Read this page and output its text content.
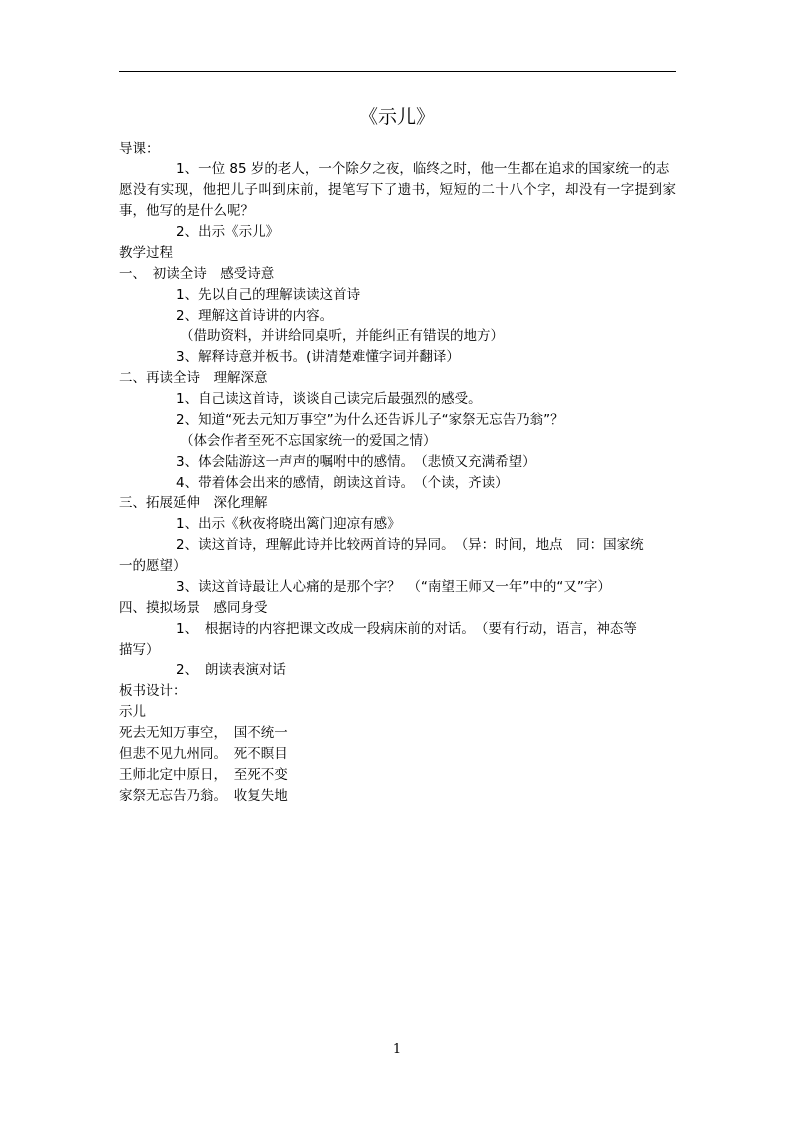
《示儿》
导课：
1、一位 85 岁的老人，一个除夕之夜，临终之时，他一生都在追求的国家统一的志
愿没有实现，他把儿子叫到床前，提笔写下了遗书，短短的二十八个字，却没有一字提到家
事，他写的是什么呢？
2、出示《示儿》
教学过程
一、　初读全诗　感受诗意
1、先以自己的理解读读这首诗
2、理解这首诗讲的内容。
（借助资料，并讲给同桌听，并能纠正有错误的地方）
3、解释诗意并板书。(讲清楚难懂字词并翻译）
二、再读全诗　理解深意
1、自己读这首诗，谈谈自己读完后最强烈的感受。
2、知道“死去元知万事空”为什么还告诉儿子“家祭无忘告乃翁”？
（体会作者至死不忘国家统一的爱国之情）
3、体会陆游这一声声的嘱咐中的感情。　（悲愤又充满希望）
4、带着体会出来的感情，朗读这首诗。　（个读，齐读）
三、拓展延伸　深化理解
1、出示《秋夜将晓出篱门迎凉有感》
2、读这首诗，理解此诗并比较两首诗的异同。　（异：时间，地点　同：国家统
一的愿望）
3、读这首诗最让人心痛的是那个字？　（“南望王师又一年”中的“又”字）
四、摸拟场景　感同身受
1、　根据诗的内容把课文改成一段病床前的对话。　（要有行动，语言，神态等
描写）
2、　朗读表演对话
板书设计：
示儿
死去无知万事空，　国不统一
但悲不见九州同。　死不瞑目
王师北定中原日，　至死不变
家祭无忘告乃翁。　收复失地
1
